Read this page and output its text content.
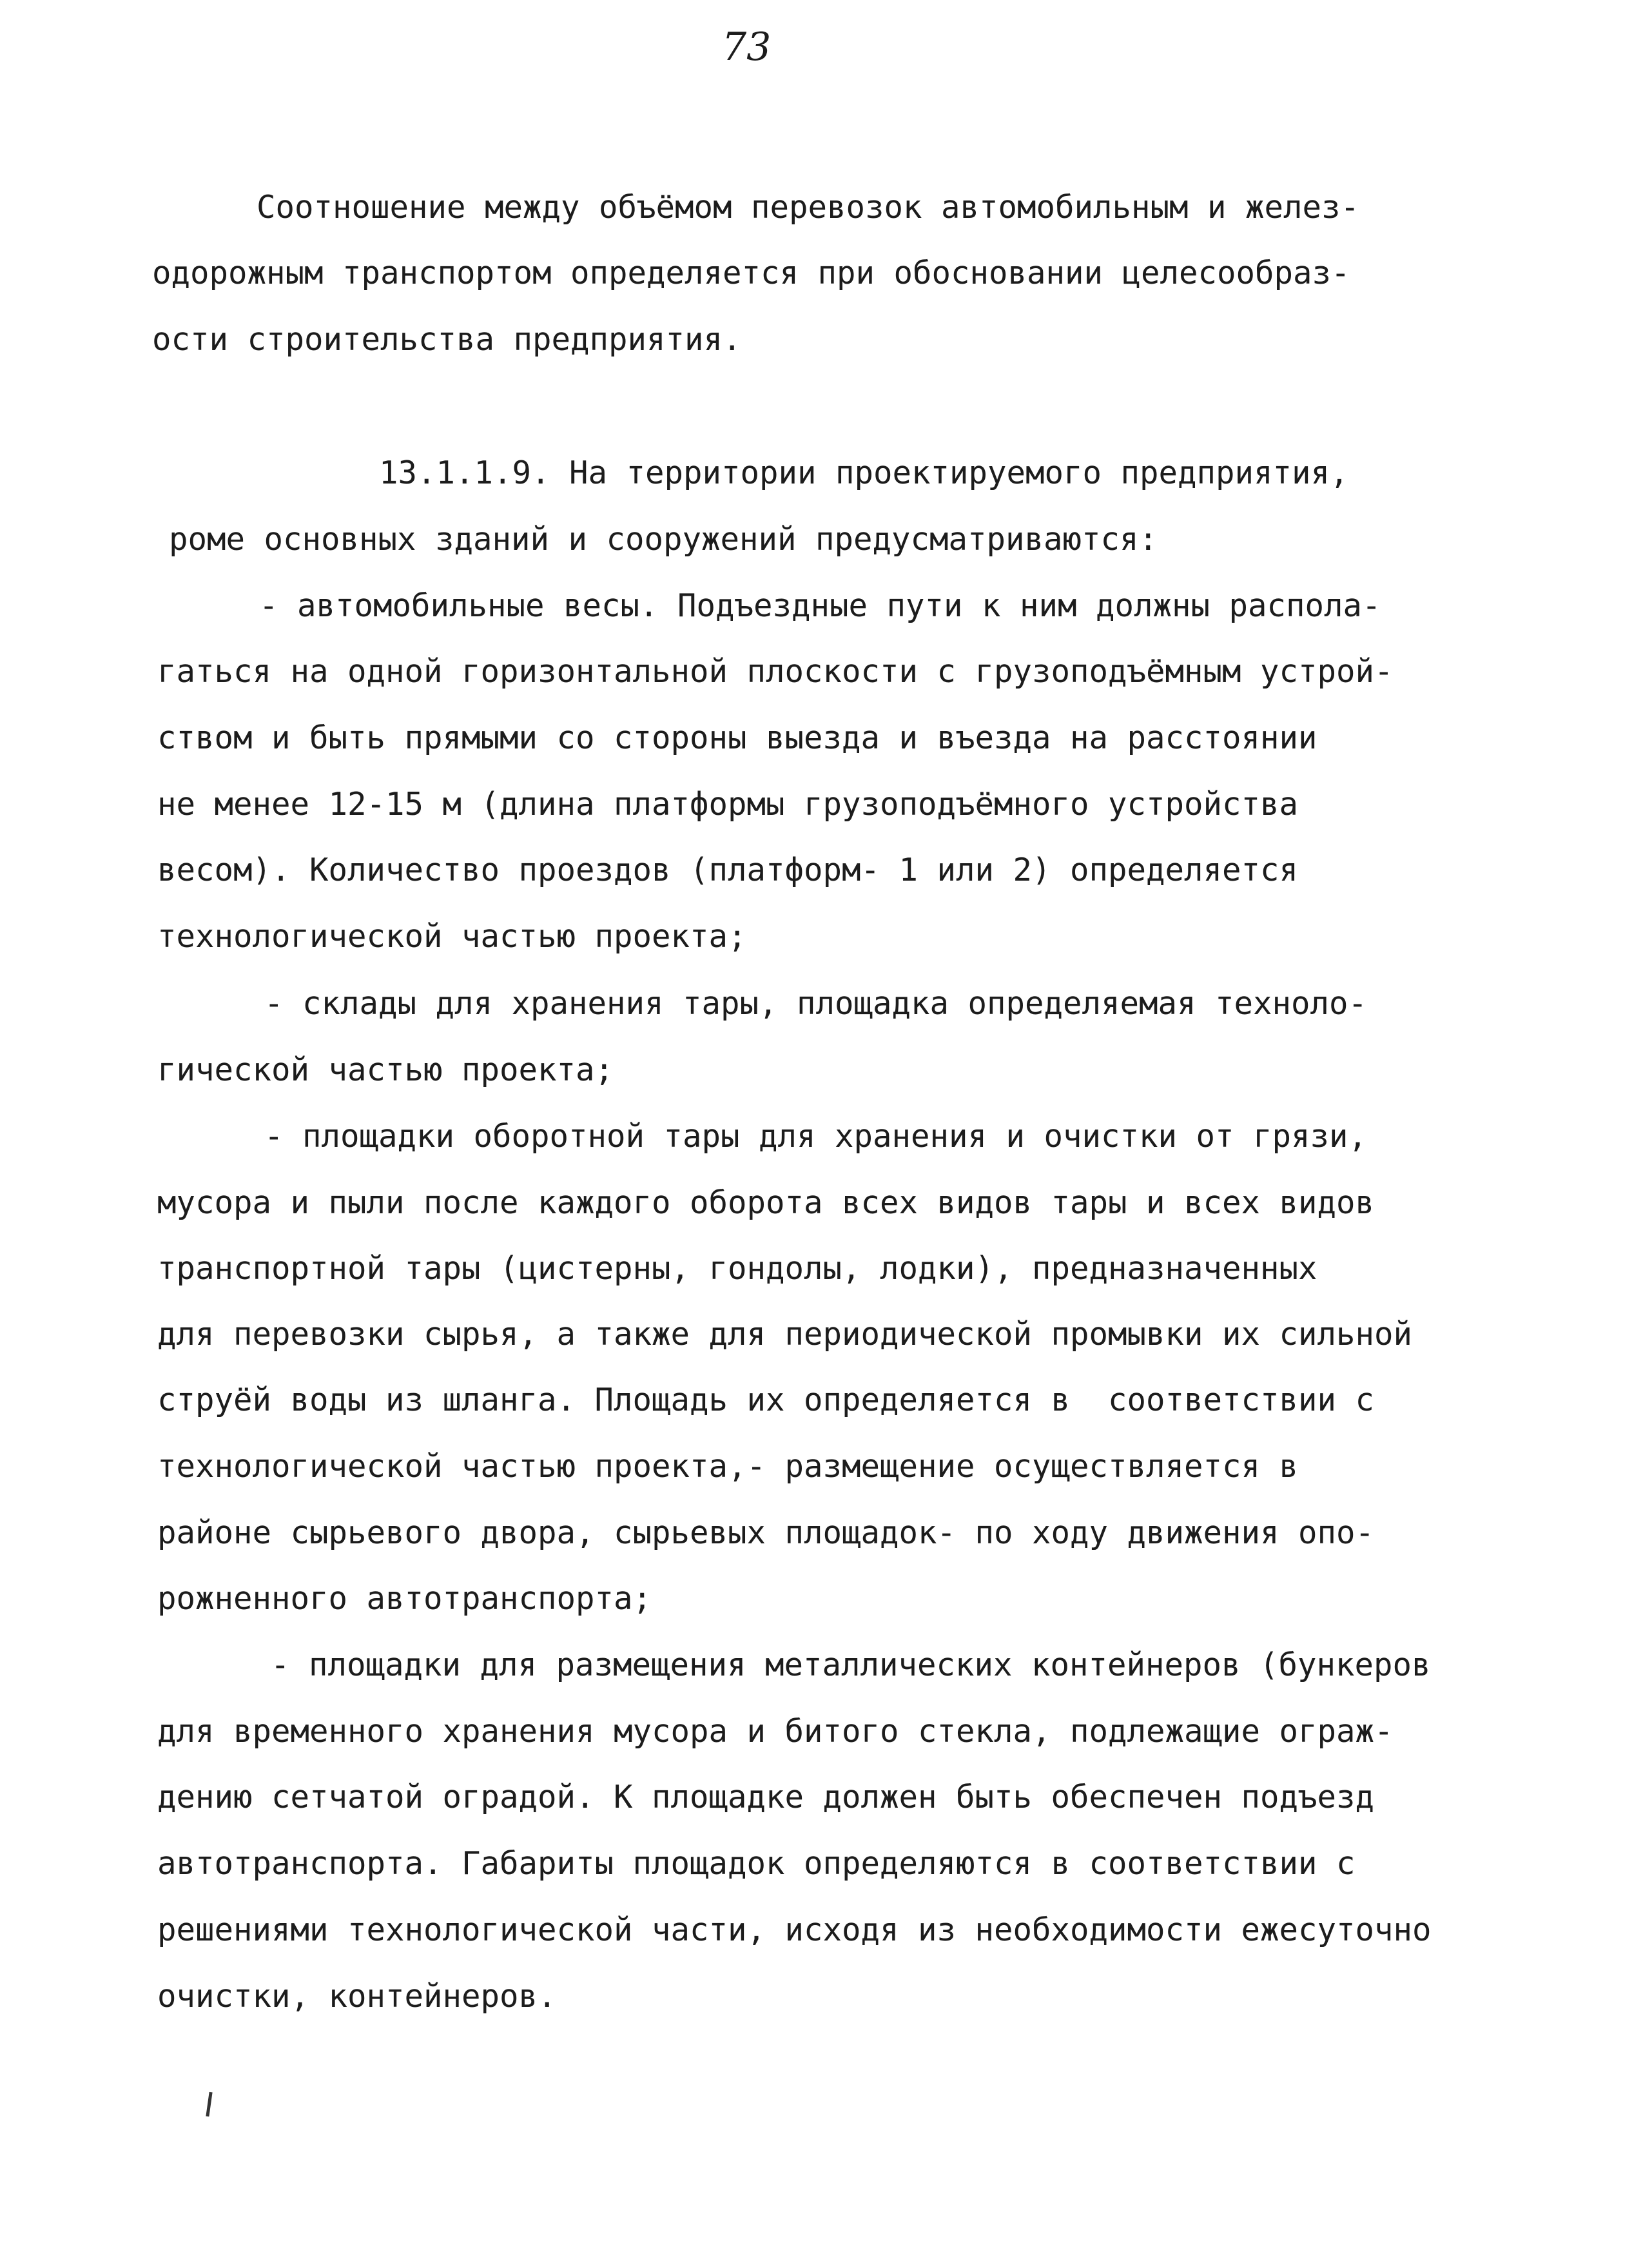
73
Соотношение между объёмом перевозок автомобильным и желез-
одорожным транспортом определяется при обосновании целесообраз-
ости строительства предприятия.
13.1.1.9. На территории проектируемого предприятия,
роме основных зданий и сооружений предусматриваются:
- автомобильные весы. Подъездные пути к ним должны распола-
гаться на одной горизонтальной плоскости с грузоподъёмным устрой-
ством и быть прямыми со стороны выезда и въезда на расстоянии
не менее 12-15 м (длина платформы грузоподъёмного устройства
весом). Количество проездов (платформ- 1 или 2) определяется
технологической частью проекта;
- склады для хранения тары, площадка определяемая техноло-
гической частью проекта;
- площадки оборотной тары для хранения и очистки от грязи,
мусора и пыли после каждого оборота всех видов тары и всех видов
транспортной тары (цистерны, гондолы, лодки), предназначенных
для перевозки сырья, а также для периодической промывки их сильной
струёй воды из шланга. Площадь их определяется в  соответствии с
технологической частью проекта,- размещение осуществляется в
районе сырьевого двора, сырьевых площадок- по ходу движения опо-
рожненного автотранспорта;
- площадки для размещения металлических контейнеров (бункеров
для временного хранения мусора и битого стекла, подлежащие ограж-
дению сетчатой оградой. К площадке должен быть обеспечен подъезд
автотранспорта. Габариты площадок определяются в соответствии с
решениями технологической части, исходя из необходимости ежесуточно
очистки, контейнеров.
